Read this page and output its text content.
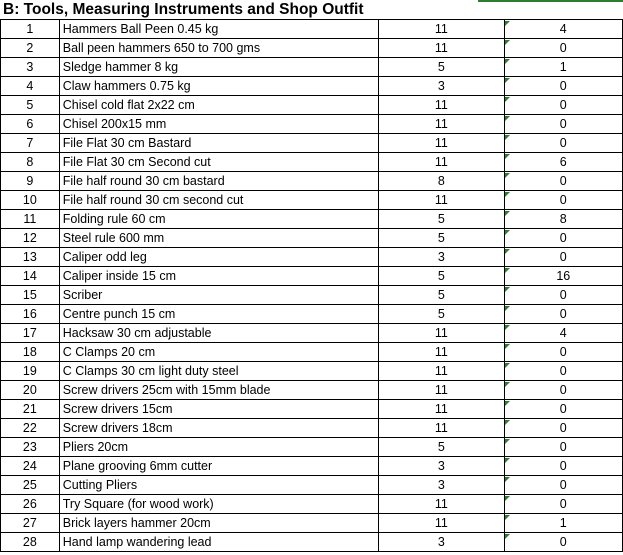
B: Tools, Measuring Instruments and Shop Outfit
1	Hammers Ball Peen 0.45 kg	11	4
2	Ball peen hammers 650 to 700 gms	11	0
3	Sledge hammer 8 kg	5	1
4	Claw hammers 0.75 kg	3	0
5	Chisel cold flat 2x22 cm	11	0
6	Chisel 200x15 mm	11	0
7	File Flat 30 cm Bastard	11	0
8	File Flat 30 cm Second cut	11	6
9	File half round 30 cm bastard	8	0
10	File half round 30 cm second cut	11	0
11	Folding rule 60 cm	5	8
12	Steel rule 600 mm	5	0
13	Caliper odd leg	3	0
14	Caliper inside 15 cm	5	16
15	Scriber	5	0
16	Centre punch 15 cm	5	0
17	Hacksaw 30 cm adjustable	11	4
18	C Clamps 20 cm	11	0
19	C Clamps 30 cm light duty steel	11	0
20	Screw drivers 25cm with 15mm blade	11	0
21	Screw drivers 15cm	11	0
22	Screw drivers 18cm	11	0
23	Pliers 20cm	5	0
24	Plane grooving 6mm cutter	3	0
25	Cutting Pliers	3	0
26	Try Square (for wood work)	11	0
27	Brick layers hammer 20cm	11	1
28	Hand lamp wandering lead	3	0
